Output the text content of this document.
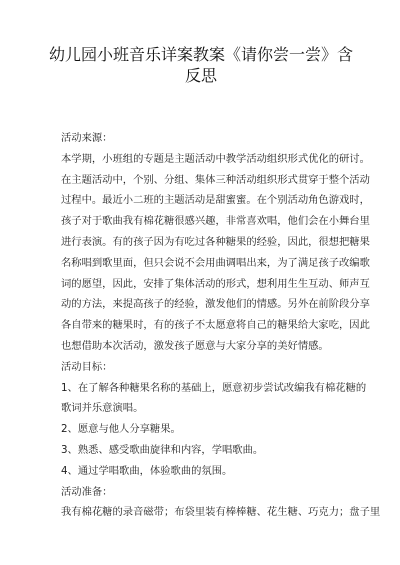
幼儿园小班音乐详案教案《请你尝一尝》含
反思
活动来源：
本学期，小班组的专题是主题活动中教学活动组织形式优化的研讨。
在主题活动中，个别、分组、集体三种活动组织形式贯穿于整个活动
过程中。最近小二班的主题活动是甜蜜蜜。在个别活动角色游戏时，
孩子对于歌曲我有棉花糖很感兴趣，非常喜欢唱，他们会在小舞台里
进行表演。有的孩子因为有吃过各种糖果的经验，因此，很想把糖果
名称唱到歌里面，但只会说不会用曲调唱出来，为了满足孩子改编歌
词的愿望，因此，安排了集体活动的形式，想利用生生互动、师声互
动的方法，来提高孩子的经验，激发他们的情感。另外在前阶段分享
各自带来的糖果时，有的孩子不太愿意将自己的糖果给大家吃，因此
也想借助本次活动，激发孩子愿意与大家分享的美好情感。
活动目标：
1、在了解各种糖果名称的基础上，愿意初步尝试改编我有棉花糖的
歌词并乐意演唱。
2、愿意与他人分享糖果。
3、熟悉、感受歌曲旋律和内容，学唱歌曲。
4、通过学唱歌曲，体验歌曲的氛围。
活动准备：
我有棉花糖的录音磁带；布袋里装有棒棒糖、花生糖、巧克力；盘子里
